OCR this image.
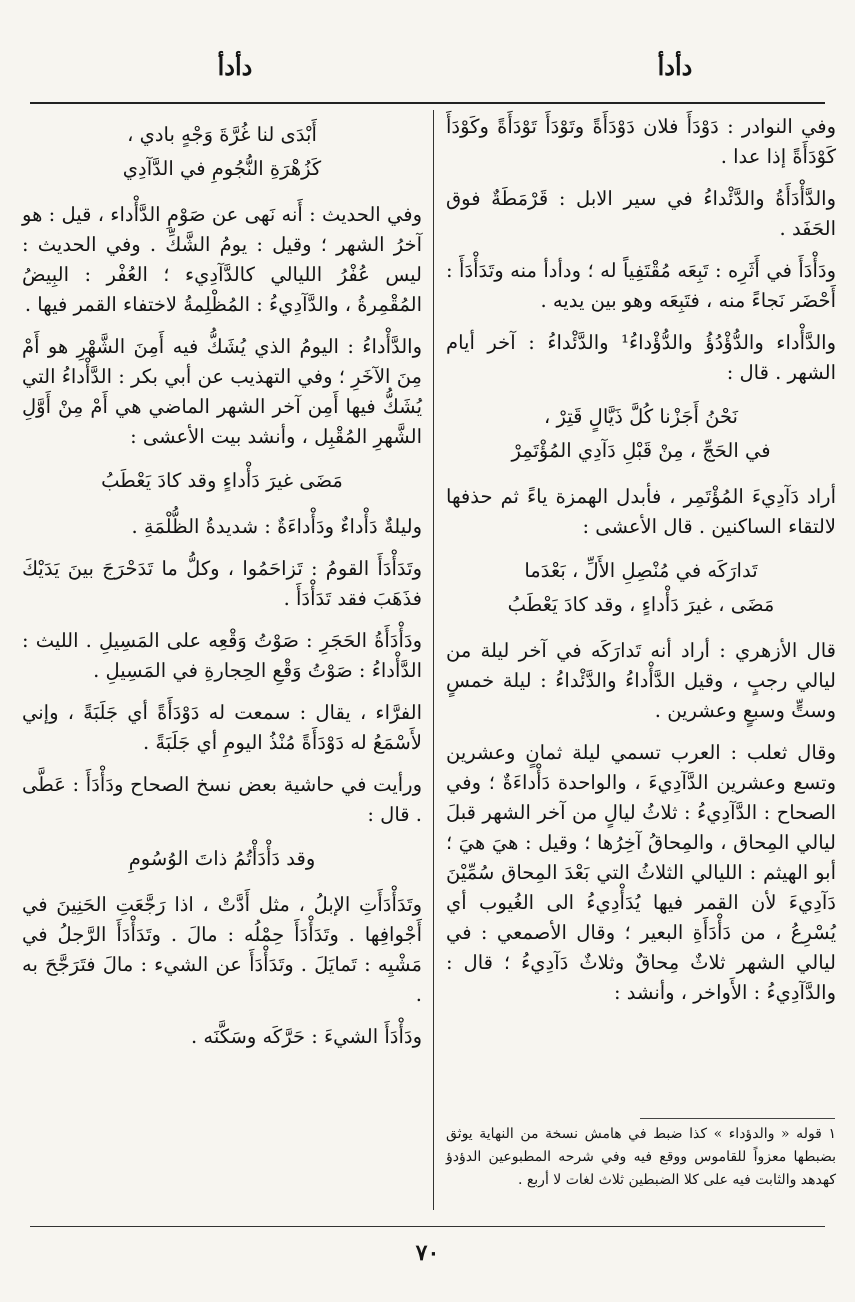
دأدأ
دأدأ

وفي النوادر : دَوْدَأَ فلان دَوْدَأَةً وتَوْدَأَ تَوْدَأَةً وكَوْدَأَ كَوْدَأَةً إذا عدا .

والدَّأْدَأَةُ والدَّئْداءُ في سير الابل : قَرْمَطَةٌ فوق الحَفَد .

ودَأْدَأَ في أَثَرِه : تَبِعَه مُقْتَفِياً له ؛ ودأدأ منه وتَدَأْدَأَ : أَحْضَر نَجاءً منه ، فتَبِعَه وهو بين يديه .

والدَّأْداء والدُّؤْدُؤُ والدُّؤْداءُ¹ والدَّئْداءُ : آخر أيام الشهر . قال :

نَحْنُ أَجَزْنا كُلَّ ذَيَّالٍ قَتِرْ ،
في الحَجِّ ، مِنْ قَبْلِ دَآدِي المُؤْتَمِرْ

أراد دَآدِيءَ المُؤْتَمِر ، فأبدل الهمزة ياءً ثم حذفها لالتقاء الساكنين . قال الأعشى :

تَدارَكَه في مُنْصِلِ الأَلِّ ، بَعْدَما
مَضَى ، غيرَ دَأْداءٍ ، وقد كادَ يَعْطَبُ

قال الأزهري : أراد أنه تَدارَكَه في آخر ليلة من ليالي رجبٍ ، وقيل الدَّأْداءُ والدَّئْداءُ : ليلة خمسٍ وستٍّ وسبعٍ وعشرين .

وقال ثعلب : العرب تسمي ليلة ثمانٍ وعشرين وتسع وعشرين الدَّآدِيءَ ، والواحدة دَأْداءَةٌ ؛ وفي الصحاح : الدَّآدِيءُ : ثلاثُ ليالٍ من آخر الشهر قبلَ ليالي المِحاق ، والمِحاقُ آخِرُها ؛ وقيل : هيَ هيَ ؛ أبو الهيثم : الليالي الثلاثُ التي بَعْدَ المِحاق سُمِّيْنَ دَآدِيءَ لأن القمر فيها يُدَأْدِيءُ الى الغُيوب أي يُسْرِعُ ، من دَأْدَأَةِ البعير ؛ وقال الأصمعي : في ليالي الشهر ثلاثٌ مِحاقٌ وثلاثٌ دَآدِيءُ ؛ قال : والدَّآدِيءُ : الأَواخر ، وأنشد :

١ قوله « والدؤداء » كذا ضبط في هامش نسخة من النهاية يوثق بضبطها معزواً للقاموس ووقع فيه وفي شرحه المطبوعين الدؤدؤ كهدهد والثابت فيه على كلا الضبطين ثلاث لغات لا أربع .
أَبْدَى لنا غُرَّةَ وَجْهٍ بادي ،
كَزُهْرَةِ النُّجُومِ في الدَّآدِي

وفي الحديث : أَنه نَهى عن صَوْمِ الدَّأْداء ، قيل : هو آخرُ الشهر ؛ وقيل : يومُ الشَّكِّ . وفي الحديث : ليس عُفْرُ الليالي كالدَّآدِيء ؛ العُفْر : البِيضُ المُقْمِرةُ ، والدَّآدِيءُ : المُظْلِمةُ لاختفاء القمر فيها .

والدَّأْداءُ : اليومُ الذي يُشَكُّ فيه أَمِنَ الشَّهْرِ هو أَمْ مِنَ الآخَرِ ؛ وفي التهذيب عن أبي بكر : الدَّأْداءُ التي يُشَكُّ فيها أَمِن آخر الشهر الماضي هي أَمْ مِنْ أَوَّلِ الشَّهرِ المُقْبِل ، وأنشد بيت الأعشى :

مَضَى غيرَ دَأْداءٍ وقد كادَ يَعْطَبُ

وليلةٌ دَأْداءٌ ودَأْداءَةٌ : شديدةُ الظُّلْمَةِ .

وتَدَأْدَأَ القومُ : تَزاحَمُوا ، وكلُّ ما تَدَحْرَجَ بينَ يَدَيْكَ فذَهَبَ فقد تَدَأْدَأَ .

ودَأْدَأَةُ الحَجَرِ : صَوْتُ وَقْعِه على المَسِيلِ . الليث : الدَّأْداءُ : صَوْتُ وَقْعِ الحِجارةِ في المَسِيلِ .

الفرَّاء ، يقال : سمعت له دَوْدَأَةً أي جَلَبَةً ، وإني لأَسْمَعُ له دَوْدَأَةً مُنْذُ اليومِ أي جَلَبَةً .

ورأيت في حاشية بعض نسخ الصحاح ودَأْدَأَ : عَطَّى . قال :

وقد دَأْدَأْتُمُ ذاتَ الوُسُومِ

وتَدَأْدَأَتِ الإبلُ ، مثل أَدَّتْ ، اذا رَجَّعَتِ الحَنِينَ في أَجْوافِها . وتَدَأْدَأَ حِمْلُه : مالَ . وتَدَأْدَأَ الرَّجلُ في مَشْيِه : تَمايَلَ . وتَدَأْدَأَ عن الشيء : مالَ فتَرَجَّحَ به .

ودَأْدَأَ الشيءَ : حَرَّكَه وسَكَّنَه .

٧٠
